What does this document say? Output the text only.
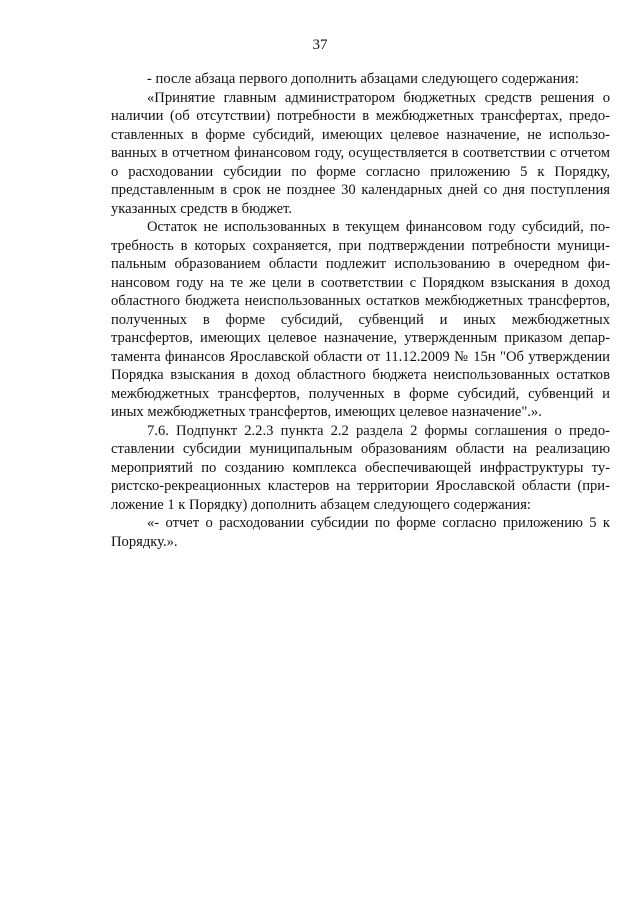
37

- после абзаца первого дополнить абзацами следующего содержания:

«Принятие главным администратором бюджетных средств решения о наличии (об отсутствии) потребности в межбюджетных трансфертах, предоставленных в форме субсидий, имеющих целевое назначение, не использованных в отчетном финансовом году, осуществляется в соответствии с отчетом о расходовании субсидии по форме согласно приложению 5 к Порядку, представленным в срок не позднее 30 календарных дней со дня поступления указанных средств в бюджет.

Остаток не использованных в текущем финансовом году субсидий, потребность в которых сохраняется, при подтверждении потребности муниципальным образованием области подлежит использованию в очередном финансовом году на те же цели в соответствии с Порядком взыскания в доход областного бюджета неиспользованных остатков межбюджетных трансфертов, полученных в форме субсидий, субвенций и иных межбюджетных трансфертов, имеющих целевое назначение, утвержденным приказом департамента финансов Ярославской области от 11.12.2009 № 15н "Об утверждении Порядка взыскания в доход областного бюджета неиспользованных остатков межбюджетных трансфертов, полученных в форме субсидий, субвенций и иных межбюджетных трансфертов, имеющих целевое назначение".».

7.6. Подпункт 2.2.3 пункта 2.2 раздела 2 формы соглашения о предоставлении субсидии муниципальным образованиям области на реализацию мероприятий по созданию комплекса обеспечивающей инфраструктуры туристско-рекреационных кластеров на территории Ярославской области (приложение 1 к Порядку) дополнить абзацем следующего содержания:

«- отчет о расходовании субсидии по форме согласно приложению 5 к Порядку.».
